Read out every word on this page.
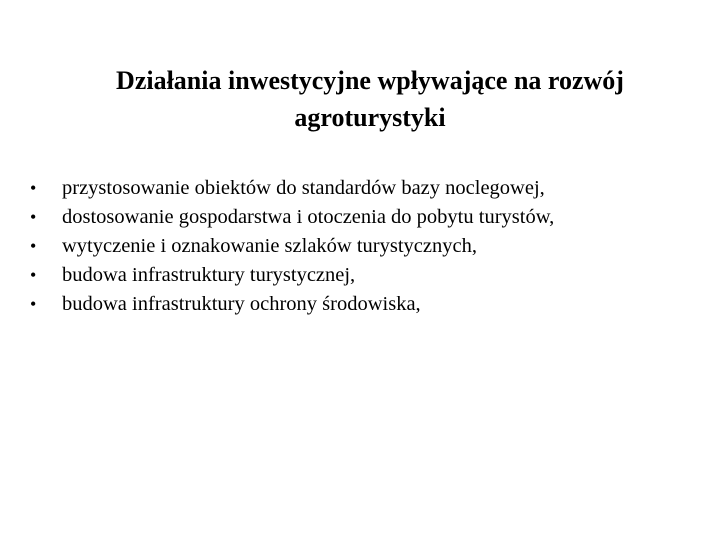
Działania inwestycyjne wpływające na rozwój
agroturystyki
•	przystosowanie obiektów do standardów bazy noclegowej,
•	dostosowanie gospodarstwa i otoczenia do pobytu turystów,
•	wytyczenie i oznakowanie szlaków turystycznych,
•	budowa infrastruktury turystycznej,
•	budowa infrastruktury ochrony środowiska,
